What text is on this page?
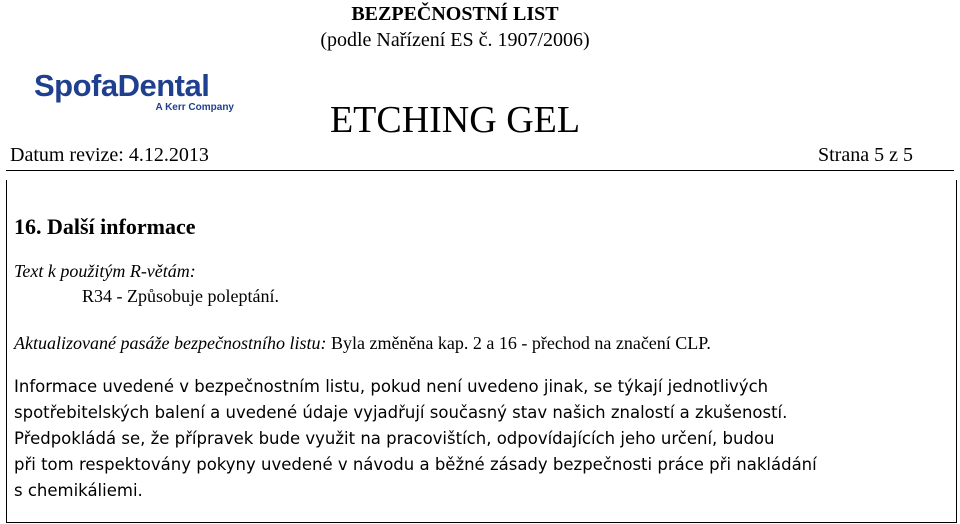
BEZPEČNOSTNÍ LIST
(podle Nařízení ES č. 1907/2006)
SpofaDental
A Kerr Company	ETCHING GEL
Datum revize: 4.12.2013	Strana 5 z 5
16. Další informace
Text k použitým R-větám:
R34 - Způsobuje poleptání.
Aktualizované pasáže bezpečnostního listu: Byla změněna kap. 2 a 16 - přechod na značení CLP.
Informace uvedené v bezpečnostním listu, pokud není uvedeno jinak, se týkají jednotlivých
spotřebitelských balení a uvedené údaje vyjadřují současný stav našich znalostí a zkušeností.
Předpokládá se, že přípravek bude využit na pracovištích, odpovídajících jeho určení, budou
při tom respektovány pokyny uvedené v návodu a běžné zásady bezpečnosti práce při nakládání
s chemikáliemi.
